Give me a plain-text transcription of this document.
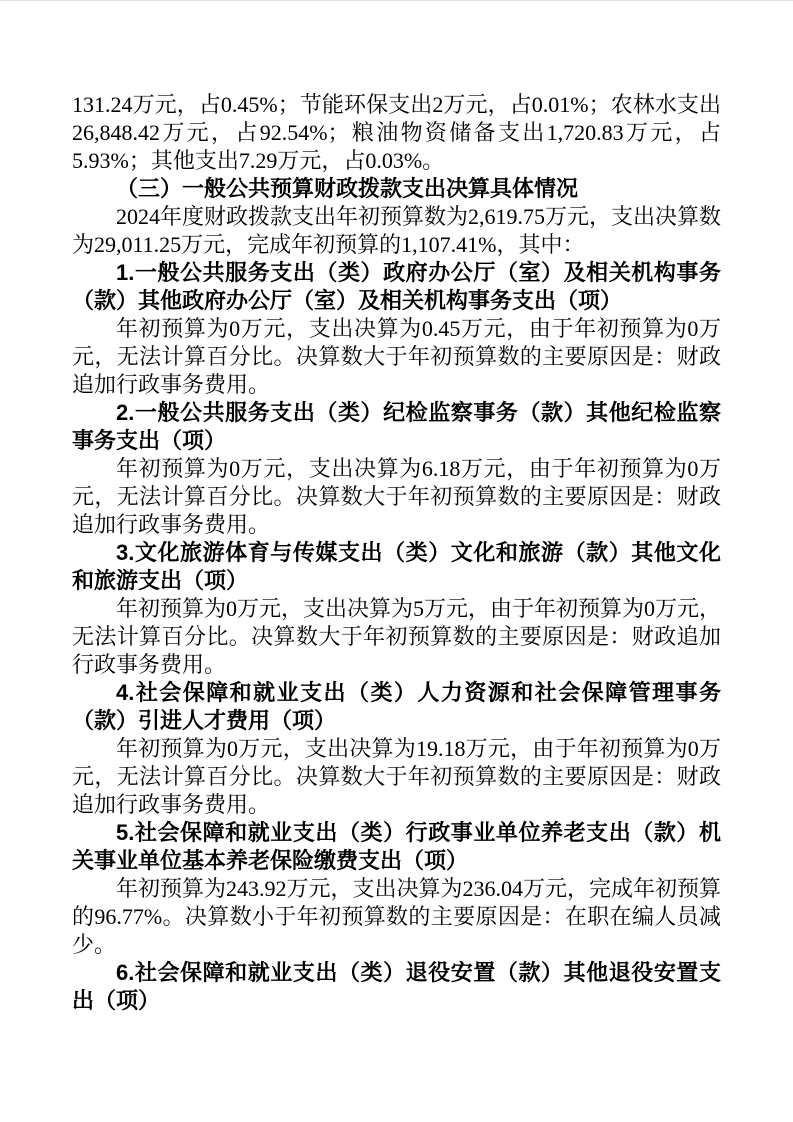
131.24万元，占0.45%；节能环保支出2万元，占0.01%；农林水支出26,848.42万元，占92.54%；粮油物资储备支出1,720.83万元，占5.93%；其他支出7.29万元，占0.03%。

（三）一般公共预算财政拨款支出决算具体情况

2024年度财政拨款支出年初预算数为2,619.75万元，支出决算数为29,011.25万元，完成年初预算的1,107.41%，其中：

1.一般公共服务支出（类）政府办公厅（室）及相关机构事务（款）其他政府办公厅（室）及相关机构事务支出（项）

年初预算为0万元，支出决算为0.45万元，由于年初预算为0万元，无法计算百分比。决算数大于年初预算数的主要原因是：财政追加行政事务费用。

2.一般公共服务支出（类）纪检监察事务（款）其他纪检监察事务支出（项）

年初预算为0万元，支出决算为6.18万元，由于年初预算为0万元，无法计算百分比。决算数大于年初预算数的主要原因是：财政追加行政事务费用。

3.文化旅游体育与传媒支出（类）文化和旅游（款）其他文化和旅游支出（项）

年初预算为0万元，支出决算为5万元，由于年初预算为0万元，无法计算百分比。决算数大于年初预算数的主要原因是：财政追加行政事务费用。

4.社会保障和就业支出（类）人力资源和社会保障管理事务（款）引进人才费用（项）

年初预算为0万元，支出决算为19.18万元，由于年初预算为0万元，无法计算百分比。决算数大于年初预算数的主要原因是：财政追加行政事务费用。

5.社会保障和就业支出（类）行政事业单位养老支出（款）机关事业单位基本养老保险缴费支出（项）

年初预算为243.92万元，支出决算为236.04万元，完成年初预算的96.77%。决算数小于年初预算数的主要原因是：在职在编人员减少。

6.社会保障和就业支出（类）退役安置（款）其他退役安置支出（项）
